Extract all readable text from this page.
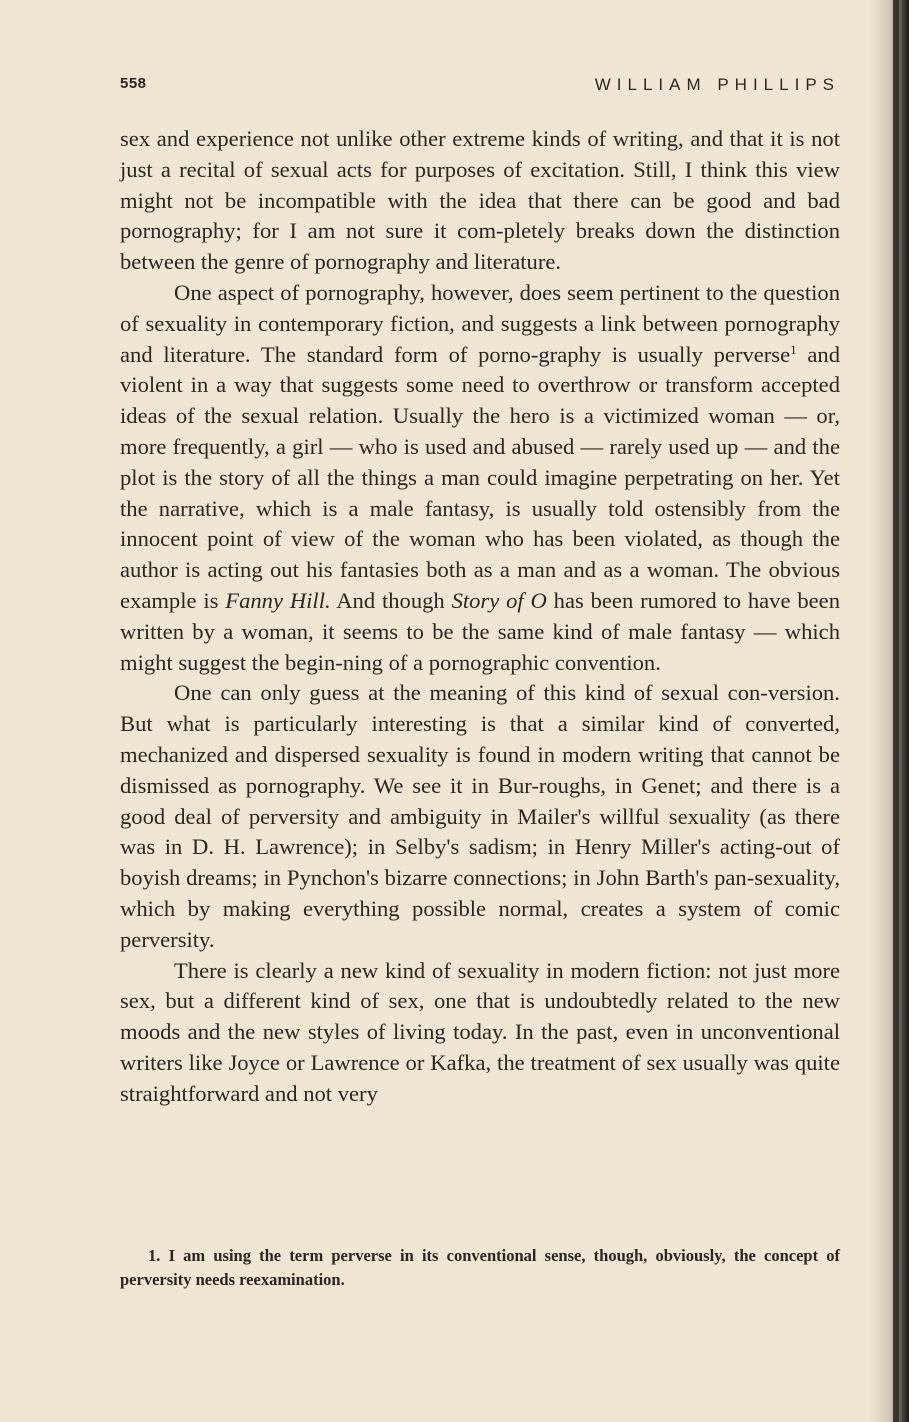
558	WILLIAM PHILLIPS

sex and experience not unlike other extreme kinds of writing, and that it is not just a recital of sexual acts for purposes of excitation. Still, I think this view might not be incompatible with the idea that there can be good and bad pornography; for I am not sure it com-pletely breaks down the distinction between the genre of pornography and literature.

One aspect of pornography, however, does seem pertinent to the question of sexuality in contemporary fiction, and suggests a link between pornography and literature. The standard form of porno-graphy is usually perverse$^1$ and violent in a way that suggests some need to overthrow or transform accepted ideas of the sexual relation. Usually the hero is a victimized woman — or, more frequently, a girl — who is used and abused — rarely used up — and the plot is the story of all the things a man could imagine perpetrating on her. Yet the narrative, which is a male fantasy, is usually told ostensibly from the innocent point of view of the woman who has been violated, as though the author is acting out his fantasies both as a man and as a woman. The obvious example is Fanny Hill. And though Story of O has been rumored to have been written by a woman, it seems to be the same kind of male fantasy — which might suggest the begin-ning of a pornographic convention.

One can only guess at the meaning of this kind of sexual con-version. But what is particularly interesting is that a similar kind of converted, mechanized and dispersed sexuality is found in modern writing that cannot be dismissed as pornography. We see it in Bur-roughs, in Genet; and there is a good deal of perversity and ambiguity in Mailer's willful sexuality (as there was in D. H. Lawrence); in Selby's sadism; in Henry Miller's acting-out of boyish dreams; in Pynchon's bizarre connections; in John Barth's pan-sexuality, which by making everything possible normal, creates a system of comic perversity.

There is clearly a new kind of sexuality in modern fiction: not just more sex, but a different kind of sex, one that is undoubtedly related to the new moods and the new styles of living today. In the past, even in unconventional writers like Joyce or Lawrence or Kafka, the treatment of sex usually was quite straightforward and not very

1. I am using the term perverse in its conventional sense, though, obviously, the concept of perversity needs reexamination.
